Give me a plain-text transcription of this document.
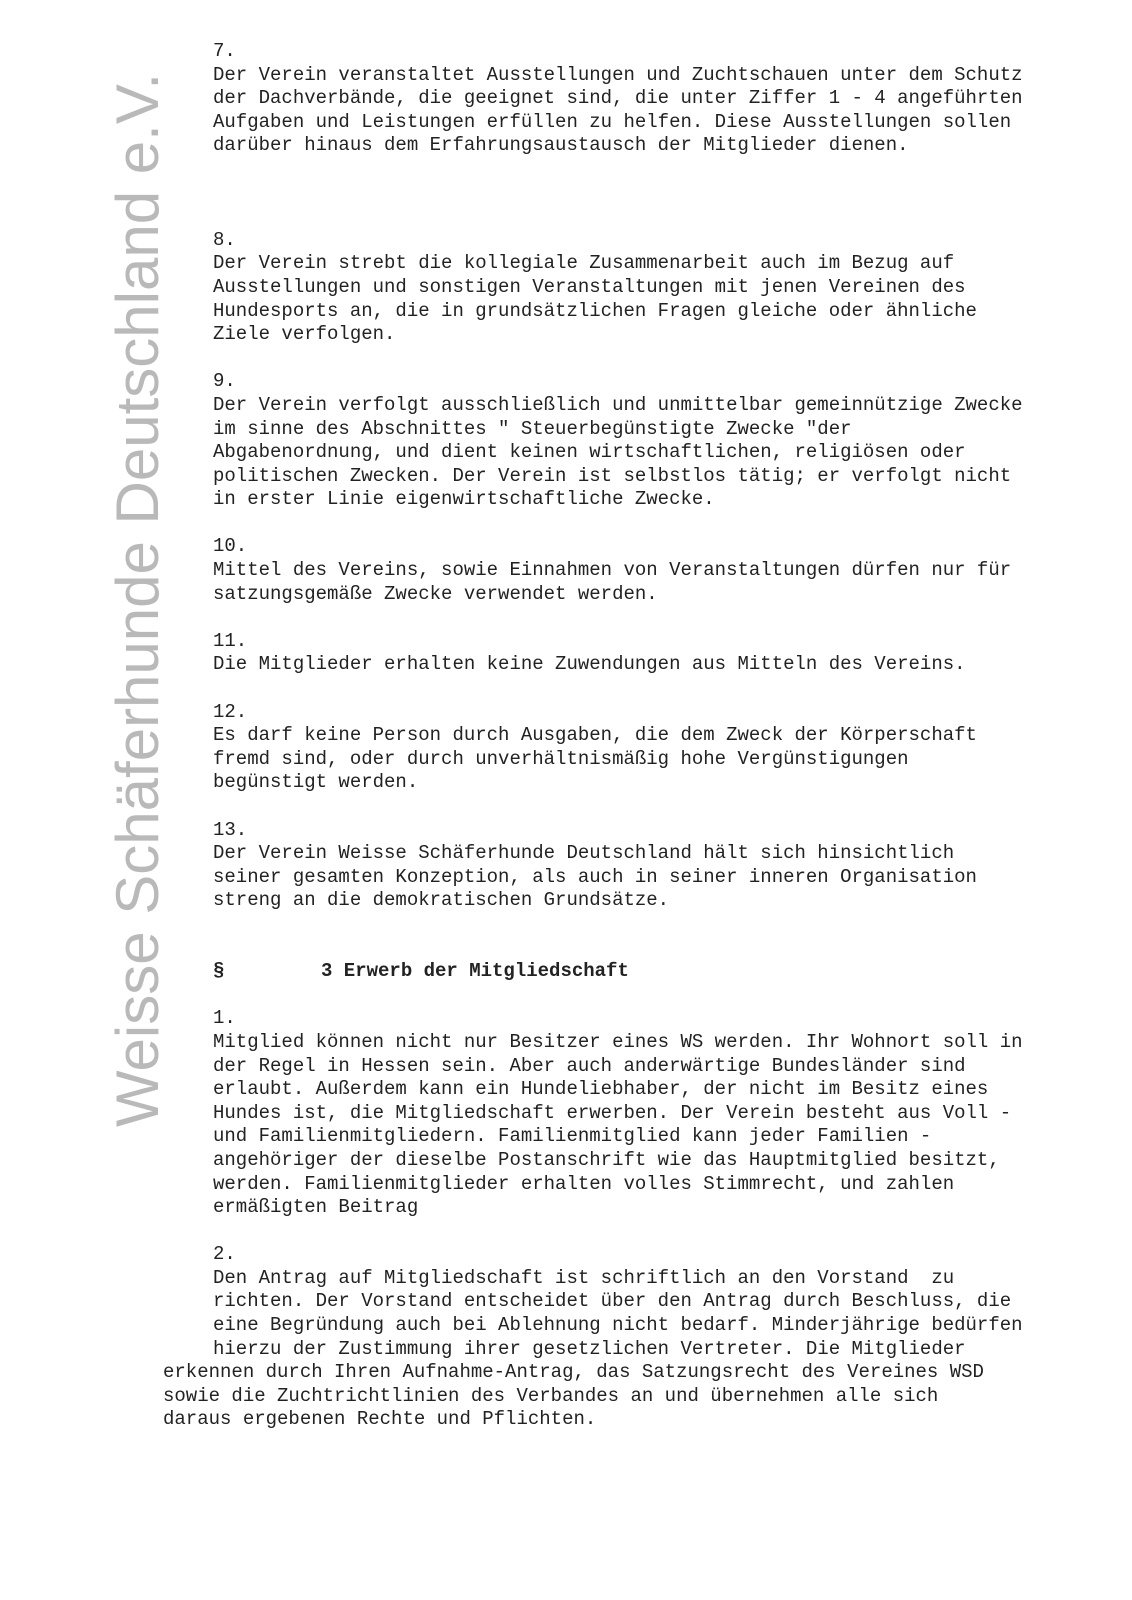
Weisse Schäferhunde Deutschland e.V.
7.
Der Verein veranstaltet Ausstellungen und Zuchtschauen unter dem Schutz
der Dachverbände, die geeignet sind, die unter Ziffer 1 - 4 angeführten
Aufgaben und Leistungen erfüllen zu helfen. Diese Ausstellungen sollen
darüber hinaus dem Erfahrungsaustausch der Mitglieder dienen.
8.
Der Verein strebt die kollegiale Zusammenarbeit auch im Bezug auf
Ausstellungen und sonstigen Veranstaltungen mit jenen Vereinen des
Hundesports an, die in grundsätzlichen Fragen gleiche oder ähnliche
Ziele verfolgen.
9.
Der Verein verfolgt ausschließlich und unmittelbar gemeinnützige Zwecke
im sinne des Abschnittes " Steuerbegünstigte Zwecke "der
Abgabenordnung, und dient keinen wirtschaftlichen, religiösen oder
politischen Zwecken. Der Verein ist selbstlos tätig; er verfolgt nicht
in erster Linie eigenwirtschaftliche Zwecke.
10.
Mittel des Vereins, sowie Einnahmen von Veranstaltungen dürfen nur für
satzungsgemäße Zwecke verwendet werden.
11.
Die Mitglieder erhalten keine Zuwendungen aus Mitteln des Vereins.
12.
Es darf keine Person durch Ausgaben, die dem Zweck der Körperschaft
fremd sind, oder durch unverhältnismäßig hohe Vergünstigungen
begünstigt werden.
13.
Der Verein Weisse Schäferhunde Deutschland hält sich hinsichtlich
seiner gesamten Konzeption, als auch in seiner inneren Organisation
streng an die demokratischen Grundsätze.
§	3 Erwerb der Mitgliedschaft
1.
Mitglied können nicht nur Besitzer eines WS werden. Ihr Wohnort soll in
der Regel in Hessen sein. Aber auch anderwärtige Bundesländer sind
erlaubt. Außerdem kann ein Hundeliebhaber, der nicht im Besitz eines
Hundes ist, die Mitgliedschaft erwerben. Der Verein besteht aus Voll -
und Familienmitgliedern. Familienmitglied kann jeder Familien -
angehöriger der dieselbe Postanschrift wie das Hauptmitglied besitzt,
werden. Familienmitglieder erhalten volles Stimmrecht, und zahlen
ermäßigten Beitrag
2.
Den Antrag auf Mitgliedschaft ist schriftlich an den Vorstand  zu
richten. Der Vorstand entscheidet über den Antrag durch Beschluss, die
eine Begründung auch bei Ablehnung nicht bedarf. Minderjährige bedürfen
hierzu der Zustimmung ihrer gesetzlichen Vertreter. Die Mitglieder
erkennen durch Ihren Aufnahme-Antrag, das Satzungsrecht des Vereines WSD
sowie die Zuchtrichtlinien des Verbandes an und übernehmen alle sich
daraus ergebenen Rechte und Pflichten.
